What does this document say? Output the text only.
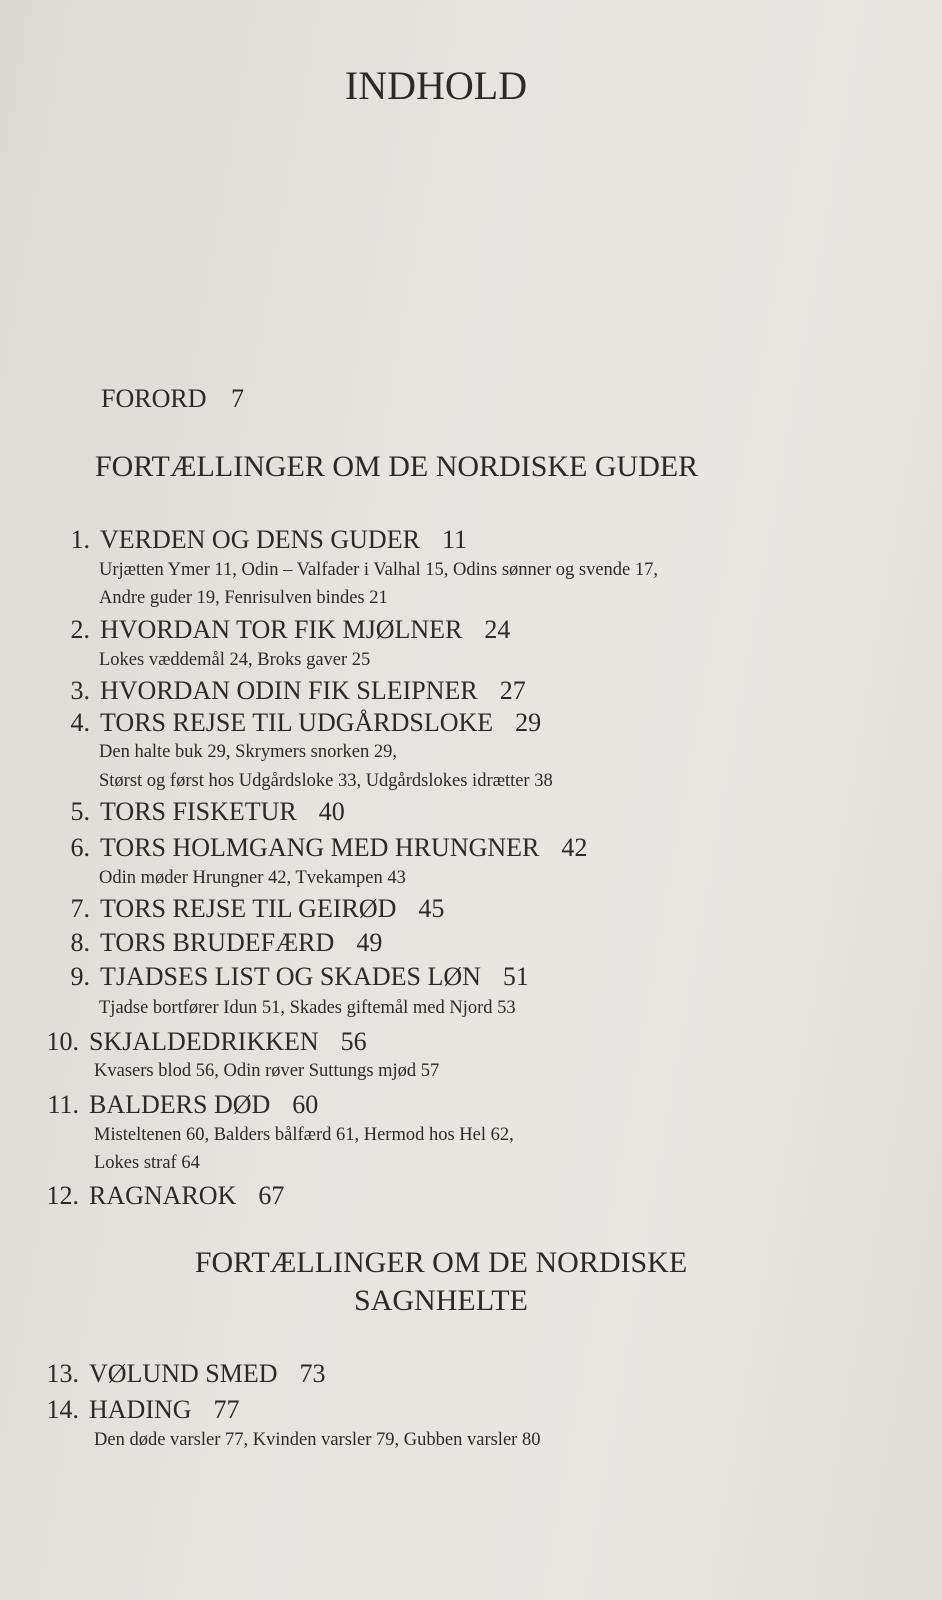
INDHOLD
FORORD 7
FORTÆLLINGER OM DE NORDISKE GUDER
1. VERDEN OG DENS GUDER 11
Urjætten Ymer 11, Odin – Valfader i Valhal 15, Odins sønner og svende 17,
Andre guder 19, Fenrisulven bindes 21
2. HVORDAN TOR FIK MJØLNER 24
Lokes væddemål 24, Broks gaver 25
3. HVORDAN ODIN FIK SLEIPNER 27
4. TORS REJSE TIL UDGÅRDSLOKE 29
Den halte buk 29, Skrymers snorken 29,
Størst og først hos Udgårdsloke 33, Udgårdslokes idrætter 38
5. TORS FISKETUR 40
6. TORS HOLMGANG MED HRUNGNER 42
Odin møder Hrungner 42, Tvekampen 43
7. TORS REJSE TIL GEIRØD 45
8. TORS BRUDEFÆRD 49
9. TJADSES LIST OG SKADES LØN 51
Tjadse bortfører Idun 51, Skades giftemål med Njord 53
10. SKJALDEDRIKKEN 56
Kvasers blod 56, Odin røver Suttungs mjød 57
11. BALDERS DØD 60
Misteltenen 60, Balders bålfærd 61, Hermod hos Hel 62,
Lokes straf 64
12. RAGNAROK 67
FORTÆLLINGER OM DE NORDISKE
SAGNHELTE
13. VØLUND SMED 73
14. HADING 77
Den døde varsler 77, Kvinden varsler 79, Gubben varsler 80
